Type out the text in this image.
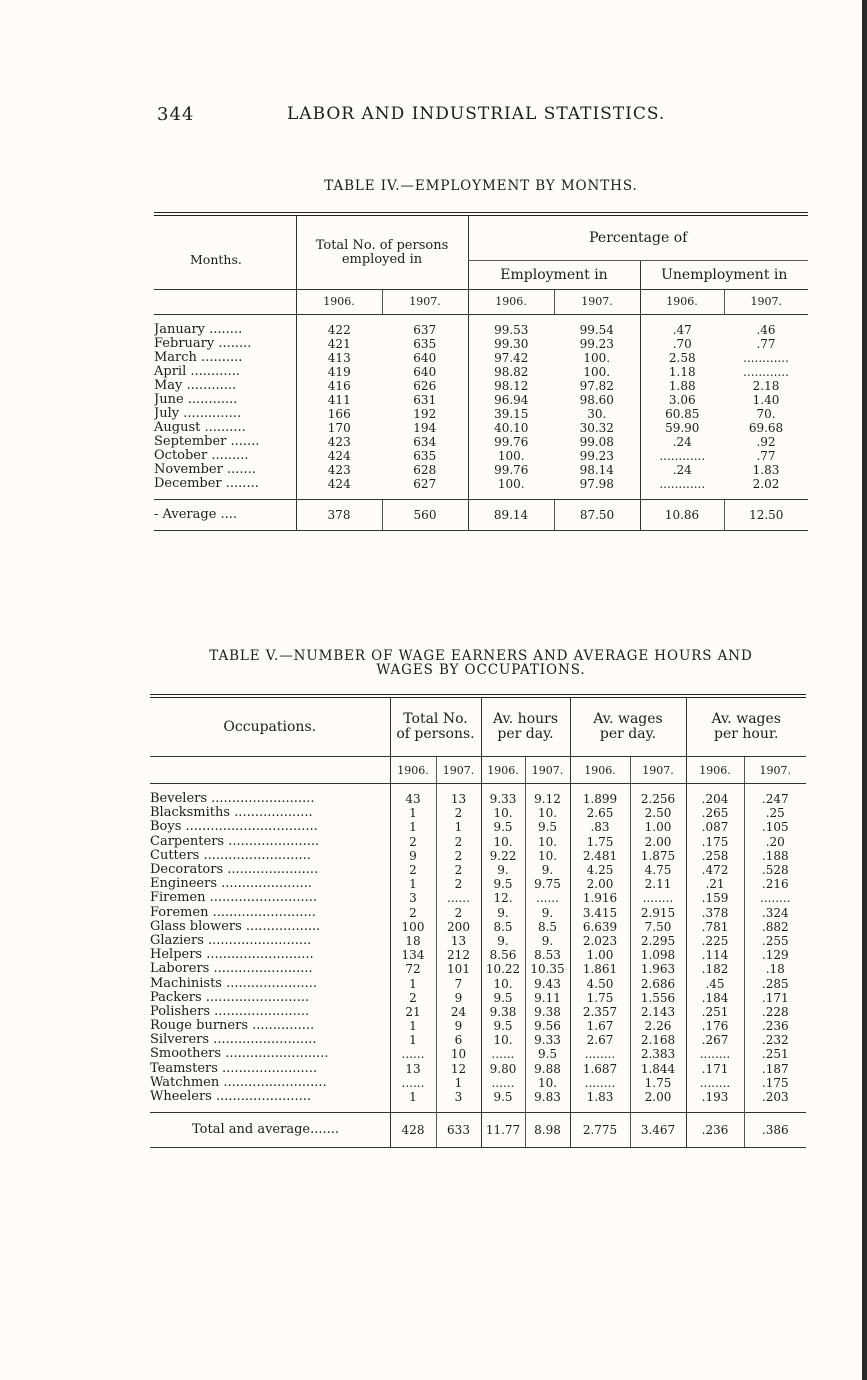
344	LABOR AND INDUSTRIAL STATISTICS.
TABLE IV.—EMPLOYMENT BY MONTHS.
Months.	Total No. of persons employed in		Percentage of			
			Employment in		Unemployment in	
	1906.	1907.	1906.	1907.	1906.	1907.

January ........	422	637	99.53	99.54	.47	.46
February ........	421	635	99.30	99.23	.70	.77
March ..........	413	640	97.42	100.	2.58	............
April ............	419	640	98.82	100.	1.18	............
May ............	416	626	98.12	97.82	1.88	2.18
June ............	411	631	96.94	98.60	3.06	1.40
July ..............	166	192	39.15	30.	60.85	70.
August ..........	170	194	40.10	30.32	59.90	69.68
September .......	423	634	99.76	99.08	.24	.92
October .........	424	635	100.	99.23	............	.77
November .......	423	628	99.76	98.14	.24	1.83
December ........	424	627	100.	97.98	............	2.02

- Average ....	378	560	89.14	87.50	10.86	12.50
TABLE V.—NUMBER OF WAGE EARNERS AND AVERAGE HOURS AND
WAGES BY OCCUPATIONS.
Occupations.	Total No. of persons.		Av. hours per day.		Av. wages per day.		Av. wages per hour.	
	1906.	1907.	1906.	1907.	1906.	1907.	1906.	1907.

Bevelers .........................	43	13	9.33	9.12	1.899	2.256	.204	.247
Blacksmiths ...................	1	2	10.	10.	2.65	2.50	.265	.25
Boys ................................	1	1	9.5	9.5	.83	1.00	.087	.105
Carpenters ......................	2	2	10.	10.	1.75	2.00	.175	.20
Cutters ..........................	9	2	9.22	10.	2.481	1.875	.258	.188
Decorators ......................	2	2	9.	9.	4.25	4.75	.472	.528
Engineers ......................	1	2	9.5	9.75	2.00	2.11	.21	.216
Firemen ..........................	3	......	12.	......	1.916	........	.159	........
Foremen .........................	2	2	9.	9.	3.415	2.915	.378	.324
Glass blowers ..................	100	200	8.5	8.5	6.639	7.50	.781	.882
Glaziers .........................	18	13	9.	9.	2.023	2.295	.225	.255
Helpers ..........................	134	212	8.56	8.53	1.00	1.098	.114	.129
Laborers ........................	72	101	10.22	10.35	1.861	1.963	.182	.18
Machinists ......................	1	7	10.	9.43	4.50	2.686	.45	.285
Packers .........................	2	9	9.5	9.11	1.75	1.556	.184	.171
Polishers .......................	21	24	9.38	9.38	2.357	2.143	.251	.228
Rouge burners ...............	1	9	9.5	9.56	1.67	2.26	.176	.236
Silverers .........................	1	6	10.	9.33	2.67	2.168	.267	.232
Smoothers .........................	......	10	......	9.5	........	2.383	........	.251
Teamsters .......................	13	12	9.80	9.88	1.687	1.844	.171	.187
Watchmen .........................	......	1	......	10.	........	1.75	........	.175
Wheelers .......................	1	3	9.5	9.83	1.83	2.00	.193	.203

Total and average.......	428	633	11.77	8.98	2.775	3.467	.236	.386
